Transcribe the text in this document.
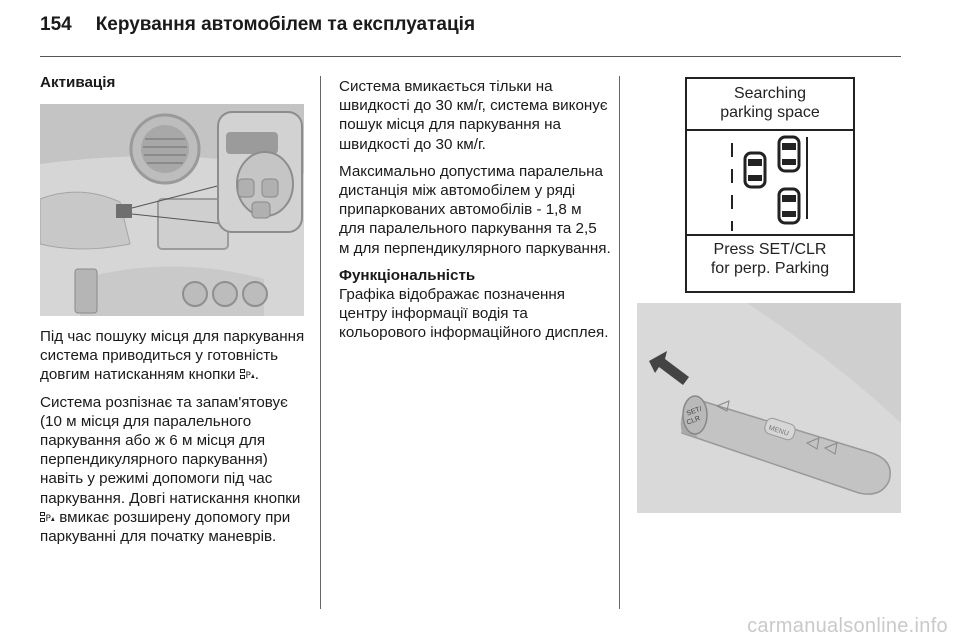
154 Керування автомобілем та експлуатація
Активація

Під час пошуку місця для паркування система приводиться у готовність довгим натисканням кнопки P .

Система розпізнає та запам'ятовує (10 м місця для паралельного паркування або ж 6 м місця для перпендикулярного паркування) навіть у режимі допомоги під час паркування. Довгі натискання кнопки
P вмикає розширену допомогу при паркуванні для початку маневрів.

Система вмикається тільки на швидкості до 30 км/г, система виконує пошук місця для паркування на швидкості до 30 км/г.

Максимально допустима паралельна дистанція між автомобілем у ряді припаркованих автомобілів - 1,8 м для паралельного паркування та 2,5 м для перпендикулярного паркування.

Функціональність

Графіка відображає позначення центру інформації водія та кольорового інформаційного дисплея.

Searching
parking space
Press SET/CLR
for perp. Parking
SET/
CLR
MENU
carmanualsonline.info
